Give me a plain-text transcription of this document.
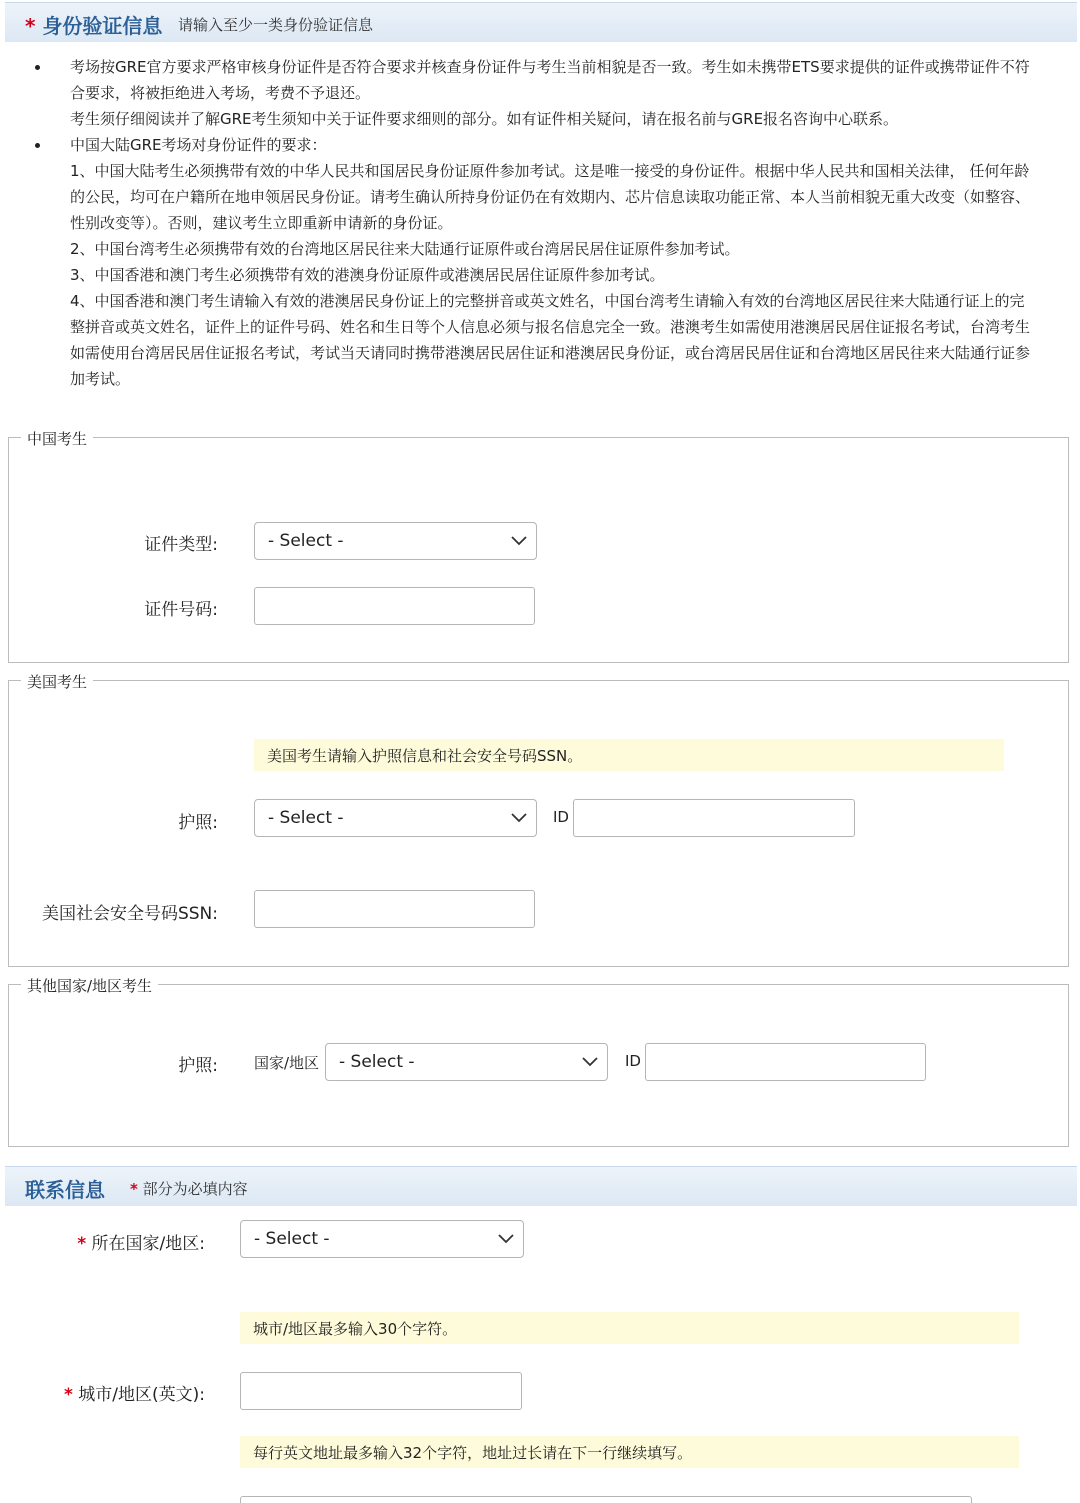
* 身份验证信息 请输入至少一类身份验证信息

考场按GRE官方要求严格审核身份证件是否符合要求并核查身份证件与考生当前相貌是否一致。考生如未携带ETS要求提供的证件或携带证件不符

合要求，将被拒绝进入考场，考费不予退还。

考生须仔细阅读并了解GRE考生须知中关于证件要求细则的部分。如有证件相关疑问，请在报名前与GRE报名咨询中心联系。

中国大陆GRE考场对身份证件的要求：

1、中国大陆考生必须携带有效的中华人民共和国居民身份证原件参加考试。这是唯一接受的身份证件。根据中华人民共和国相关法律， 任何年龄

的公民，均可在户籍所在地申领居民身份证。请考生确认所持身份证仍在有效期内、芯片信息读取功能正常、本人当前相貌无重大改变（如整容、

性别改变等）。否则，建议考生立即重新申请新的身份证。

2、中国台湾考生必须携带有效的台湾地区居民往来大陆通行证原件或台湾居民居住证原件参加考试。

3、中国香港和澳门考生必须携带有效的港澳身份证原件或港澳居民居住证原件参加考试。

4、中国香港和澳门考生请输入有效的港澳居民身份证上的完整拼音或英文姓名，中国台湾考生请输入有效的台湾地区居民往来大陆通行证上的完

整拼音或英文姓名，证件上的证件号码、姓名和生日等个人信息必须与报名信息完全一致。港澳考生如需使用港澳居民居住证报名考试，台湾考生

如需使用台湾居民居住证报名考试，考试当天请同时携带港澳居民居住证和港澳居民身份证，或台湾居民居住证和台湾地区居民往来大陆通行证参

加考试。

中国考生
证件类型:	- Select -
证件号码:
美国考生
美国考生请输入护照信息和社会安全号码SSN。
护照:	- Select -	ID
美国社会安全号码SSN:
其他国家/地区考生
护照: 国家/地区	- Select -	ID
联系信息 * 部分为必填内容
* 所在国家/地区:	- Select -
城市/地区最多输入30个字符。
* 城市/地区(英文):
每行英文地址最多输入32个字符，地址过长请在下一行继续填写。
